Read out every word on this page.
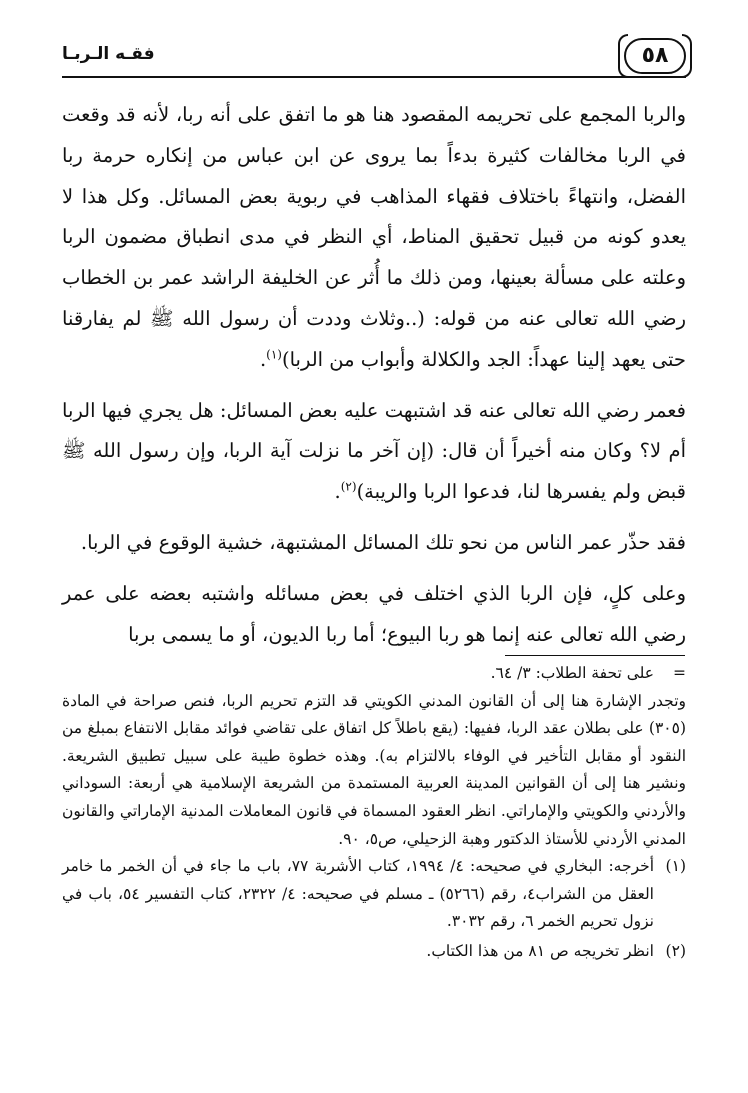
٥٨
فقـه الـربـا

والربا المجمع على تحريمه المقصود هنا هو ما اتفق على أنه ربا، لأنه قد وقعت في الربا مخالفات كثيرة بدءاً بما يروى عن ابن عباس من إنكاره حرمة ربا الفضل، وانتهاءً باختلاف فقهاء المذاهب في ربوية بعض المسائل. وكل هذا لا يعدو كونه من قبيل تحقيق المناط، أي النظر في مدى انطباق مضمون الربا وعلته على مسألة بعينها، ومن ذلك ما أُثر عن الخليفة الراشد عمر بن الخطاب رضي الله تعالى عنه من قوله: (..وثلاث وددت أن رسول الله ﷺ لم يفارقنا حتى يعهد إلينا عهداً: الجد والكلالة وأبواب من الربا)$^{(١)}$.

فعمر رضي الله تعالى عنه قد اشتبهت عليه بعض المسائل: هل يجري فيها الربا أم لا؟ وكان منه أخيراً أن قال: (إن آخر ما نزلت آية الربا، وإن رسول الله ﷺ قبض ولم يفسرها لنا، فدعوا الربا والريبة)$^{(٢)}$.

فقد حذّر عمر الناس من نحو تلك المسائل المشتبهة، خشية الوقوع في الربا.

وعلى كلٍ، فإن الربا الذي اختلف في بعض مسائله واشتبه بعضه على عمر رضي الله تعالى عنه إنما هو ربا البيوع؛ أما ربا الديون، أو ما يسمى بربا

=

على تحفة الطلاب: ٣/ ٦٤.

وتجدر الإشارة هنا إلى أن القانون المدني الكويتي قد التزم تحريم الربا، فنص صراحة في المادة (٣٠٥) على بطلان عقد الربا، ففيها: (يقع باطلاً كل اتفاق على تقاضي فوائد مقابل الانتفاع بمبلغ من النقود أو مقابل التأخير في الوفاء بالالتزام به). وهذه خطوة طيبة على سبيل تطبيق الشريعة. ونشير هنا إلى أن القوانين المدينة العربية المستمدة من الشريعة الإسلامية هي أربعة: السوداني والأردني والكويتي والإماراتي. انظر العقود المسماة في قانون المعاملات المدنية الإماراتي والقانون المدني الأردني للأستاذ الدكتور وهبة الزحيلي، ص٥، ٩٠.

(١)
أخرجه: البخاري في صحيحه: ٤/ ١٩٩٤، كتاب الأشربة ٧٧، باب ما جاء في أن الخمر ما خامر العقل من الشراب٤، رقم (٥٢٦٦) ـ مسلم في صحيحه: ٤/ ٢٣٢٢، كتاب التفسير ٥٤، باب في نزول تحريم الخمر ٦، رقم ٣٠٣٢.
(٢)
انظر تخريجه ص ٨١ من هذا الكتاب.
